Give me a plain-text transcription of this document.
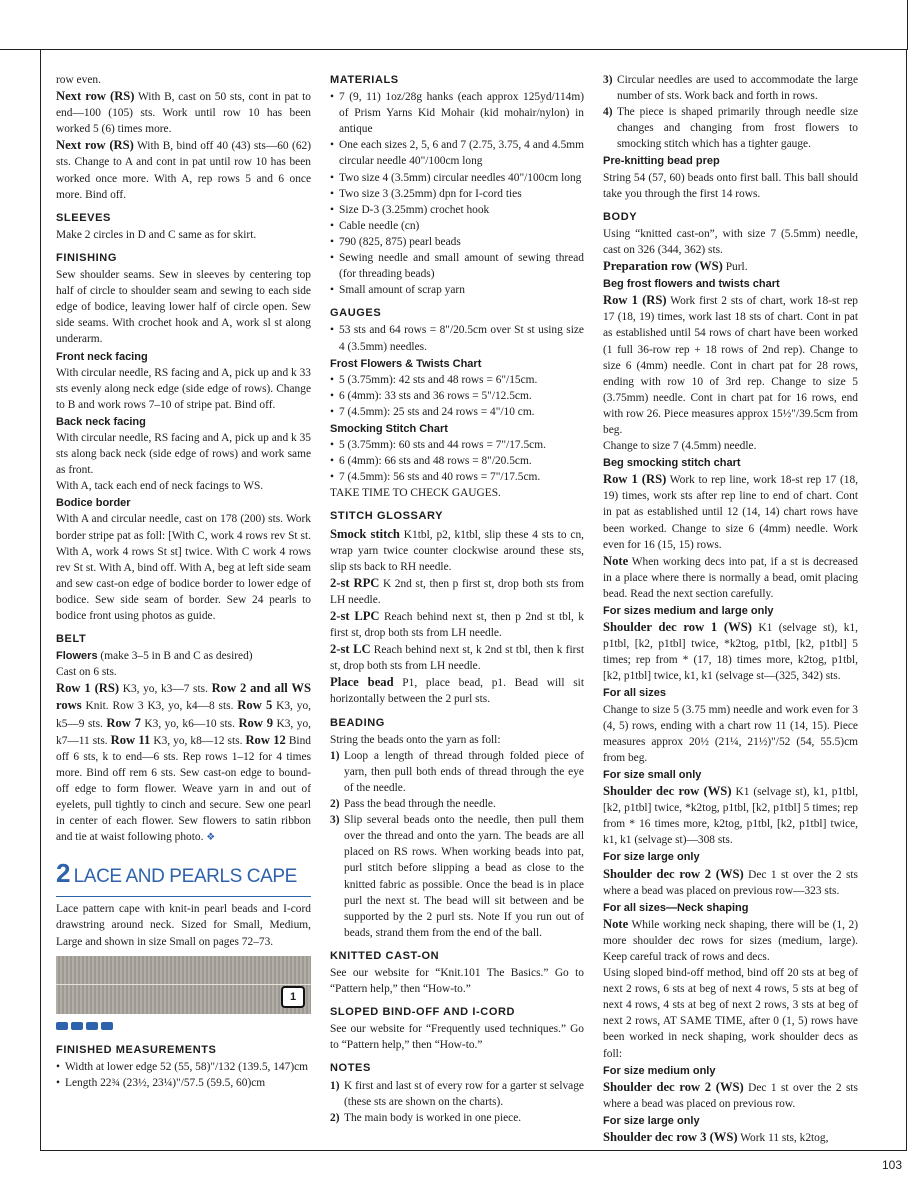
row even.

Next row (RS) With B, cast on 50 sts, cont in pat to end—100 (105) sts. Work until row 10 has been worked 5 (6) times more.

Next row (RS) With B, bind off 40 (43) sts—60 (62) sts. Change to A and cont in pat until row 10 has been worked once more. With A, rep rows 5 and 6 once more. Bind off.

SLEEVES

Make 2 circles in D and C same as for skirt.

FINISHING

Sew shoulder seams. Sew in sleeves by centering top half of circle to shoulder seam and sewing to each side edge of bodice, leaving lower half of circle open. Sew side seams. With crochet hook and A, work sl st along underarm.

Front neck facing

With circular needle, RS facing and A, pick up and k 33 sts evenly along neck edge (side edge of rows). Change to B and work rows 7–10 of stripe pat. Bind off.

Back neck facing

With circular needle, RS facing and A, pick up and k 35 sts along back neck (side edge of rows) and work same as front.

With A, tack each end of neck facings to WS.

Bodice border

With A and circular needle, cast on 178 (200) sts. Work border stripe pat as foll: [With C, work 4 rows rev St st. With A, work 4 rows St st] twice. With C work 4 rows rev St st. With A, bind off. With A, beg at left side seam and sew cast-on edge of bodice border to lower edge of bodice. Sew side seam of border. Sew 24 pearls to bodice front using photos as guide.

BELT

Flowers (make 3–5 in B and C as desired)

Cast on 6 sts.

Row 1 (RS) K3, yo, k3—7 sts. Row 2 and all WS rows Knit. Row 3 K3, yo, k4—8 sts. Row 5 K3, yo, k5—9 sts. Row 7 K3, yo, k6—10 sts. Row 9 K3, yo, k7—11 sts. Row 11 K3, yo, k8—12 sts. Row 12 Bind off 6 sts, k to end—6 sts. Rep rows 1–12 for 4 times more. Bind off rem 6 sts. Sew cast-on edge to bound-off edge to form flower. Weave yarn in and out of eyelets, pull tightly to cinch and secure. Sew one pearl in center of each flower. Sew flowers to satin ribbon and tie at waist following photo. ❖

2 LACE AND PEARLS CAPE

Lace pattern cape with knit-in pearl beads and I-cord drawstring around neck. Sized for Small, Medium, Large and shown in size Small on pages 72–73.

1
FINISHED MEASUREMENTS
• Width at lower edge 52 (55, 58)"/132 (139.5, 147)cm
• Length 22¾ (23½, 23¼)"/57.5 (59.5, 60)cm
MATERIALS
• 7 (9, 11) 1oz/28g hanks (each approx 125yd/114m) of Prism Yarns Kid Mohair (kid mohair/nylon) in antique
• One each sizes 2, 5, 6 and 7 (2.75, 3.75, 4 and 4.5mm circular needle 40"/100cm long
• Two size 4 (3.5mm) circular needles 40"/100cm long
• Two size 3 (3.25mm) dpn for I-cord ties
• Size D-3 (3.25mm) crochet hook
• Cable needle (cn)
• 790 (825, 875) pearl beads
• Sewing needle and small amount of sewing thread (for threading beads)
• Small amount of scrap yarn
GAUGES
• 53 sts and 64 rows = 8"/20.5cm over St st using size 4 (3.5mm) needles.
Frost Flowers & Twists Chart
• 5 (3.75mm): 42 sts and 48 rows = 6"/15cm.
• 6 (4mm): 33 sts and 36 rows = 5"/12.5cm.
• 7 (4.5mm): 25 sts and 24 rows = 4"/10 cm.
Smocking Stitch Chart
• 5 (3.75mm): 60 sts and 44 rows = 7"/17.5cm.
• 6 (4mm): 66 sts and 48 rows = 8"/20.5cm.
• 7 (4.5mm): 56 sts and 40 rows = 7"/17.5cm.

TAKE TIME TO CHECK GAUGES.

STITCH GLOSSARY

Smock stitch K1tbl, p2, k1tbl, slip these 4 sts to cn, wrap yarn twice counter clockwise around these sts, slip sts back to RH needle.

2-st RPC K 2nd st, then p first st, drop both sts from LH needle.

2-st LPC Reach behind next st, then p 2nd st tbl, k first st, drop both sts from LH needle.

2-st LC Reach behind next st, k 2nd st tbl, then k first st, drop both sts from LH needle.

Place bead P1, place bead, p1. Bead will sit horizontally between the 2 purl sts.

BEADING

String the beads onto the yarn as foll:

1) Loop a length of thread through folded piece of yarn, then pull both ends of thread through the eye of the needle.
2) Pass the bead through the needle.
3) Slip several beads onto the needle, then pull them over the thread and onto the yarn. The beads are all placed on RS rows. When working beads into pat, purl stitch before slipping a bead as close to the knitted fabric as possible. Once the bead is in place purl the next st. The bead will sit between and be supported by the 2 purl sts. Note If you run out of beads, strand them from the end of the ball.
KNITTED CAST-ON

See our website for “Knit.101 The Basics.” Go to “Pattern help,” then “How-to.”

SLOPED BIND-OFF AND I-CORD

See our website for “Frequently used techniques.” Go to “Pattern help,” then “How-to.”

NOTES
1) K first and last st of every row for a garter st selvage (these sts are shown on the charts).
2) The main body is worked in one piece.
3) Circular needles are used to accommodate the large number of sts. Work back and forth in rows.
4) The piece is shaped primarily through needle size changes and changing from frost flowers to smocking stitch which has a tighter gauge.
Pre-knitting bead prep

String 54 (57, 60) beads onto first ball. This ball should take you through the first 14 rows.

BODY

Using “knitted cast-on”, with size 7 (5.5mm) needle, cast on 326 (344, 362) sts.

Preparation row (WS) Purl.

Beg frost flowers and twists chart

Row 1 (RS) Work first 2 sts of chart, work 18-st rep 17 (18, 19) times, work last 18 sts of chart. Cont in pat as established until 54 rows of chart have been worked (1 full 36-row rep + 18 rows of 2nd rep). Change to size 6 (4mm) needle. Cont in chart pat for 28 rows, ending with row 10 of 3rd rep. Change to size 5 (3.75mm) needle. Cont in chart pat for 16 rows, end with row 26. Piece measures approx 15½"/39.5cm from beg.

Change to size 7 (4.5mm) needle.

Beg smocking stitch chart

Row 1 (RS) Work to rep line, work 18-st rep 17 (18, 19) times, work sts after rep line to end of chart. Cont in pat as established until 12 (14, 14) chart rows have been worked. Change to size 6 (4mm) needle. Work even for 16 (15, 15) rows.

Note When working decs into pat, if a st is decreased in a place where there is normally a bead, omit placing bead. Read the next section carefully.

For sizes medium and large only

Shoulder dec row 1 (WS) K1 (selvage st), k1, p1tbl, [k2, p1tbl] twice, *k2tog, p1tbl, [k2, p1tbl] 5 times; rep from * (17, 18) times more, k2tog, p1tbl, [k2, p1tbl] twice, k1, k1 (selvage st—(325, 342) sts.

For all sizes

Change to size 5 (3.75 mm) needle and work even for 3 (4, 5) rows, ending with a chart row 11 (14, 15). Piece measures approx 20½ (21¼, 21½)"/52 (54, 55.5)cm from beg.

For size small only

Shoulder dec row (WS) K1 (selvage st), k1, p1tbl, [k2, p1tbl] twice, *k2tog, p1tbl, [k2, p1tbl] 5 times; rep from * 16 times more, k2tog, p1tbl, [k2, p1tbl] twice, k1, k1 (selvage st)—308 sts.

For size large only

Shoulder dec row 2 (WS) Dec 1 st over the 2 sts where a bead was placed on previous row—323 sts.

For all sizes—Neck shaping

Note While working neck shaping, there will be (1, 2) more shoulder dec rows for sizes (medium, large). Keep careful track of rows and decs.

Using sloped bind-off method, bind off 20 sts at beg of next 2 rows, 6 sts at beg of next 4 rows, 5 sts at beg of next 4 rows, 4 sts at beg of next 2 rows, 3 sts at beg of next 2 rows, AT SAME TIME, after 0 (1, 5) rows have been worked in neck shaping, work shoulder decs as foll:

For size medium only

Shoulder dec row 2 (WS) Dec 1 st over the 2 sts where a bead was placed on previous row.

For size large only

Shoulder dec row 3 (WS) Work 11 sts, k2tog,

103
